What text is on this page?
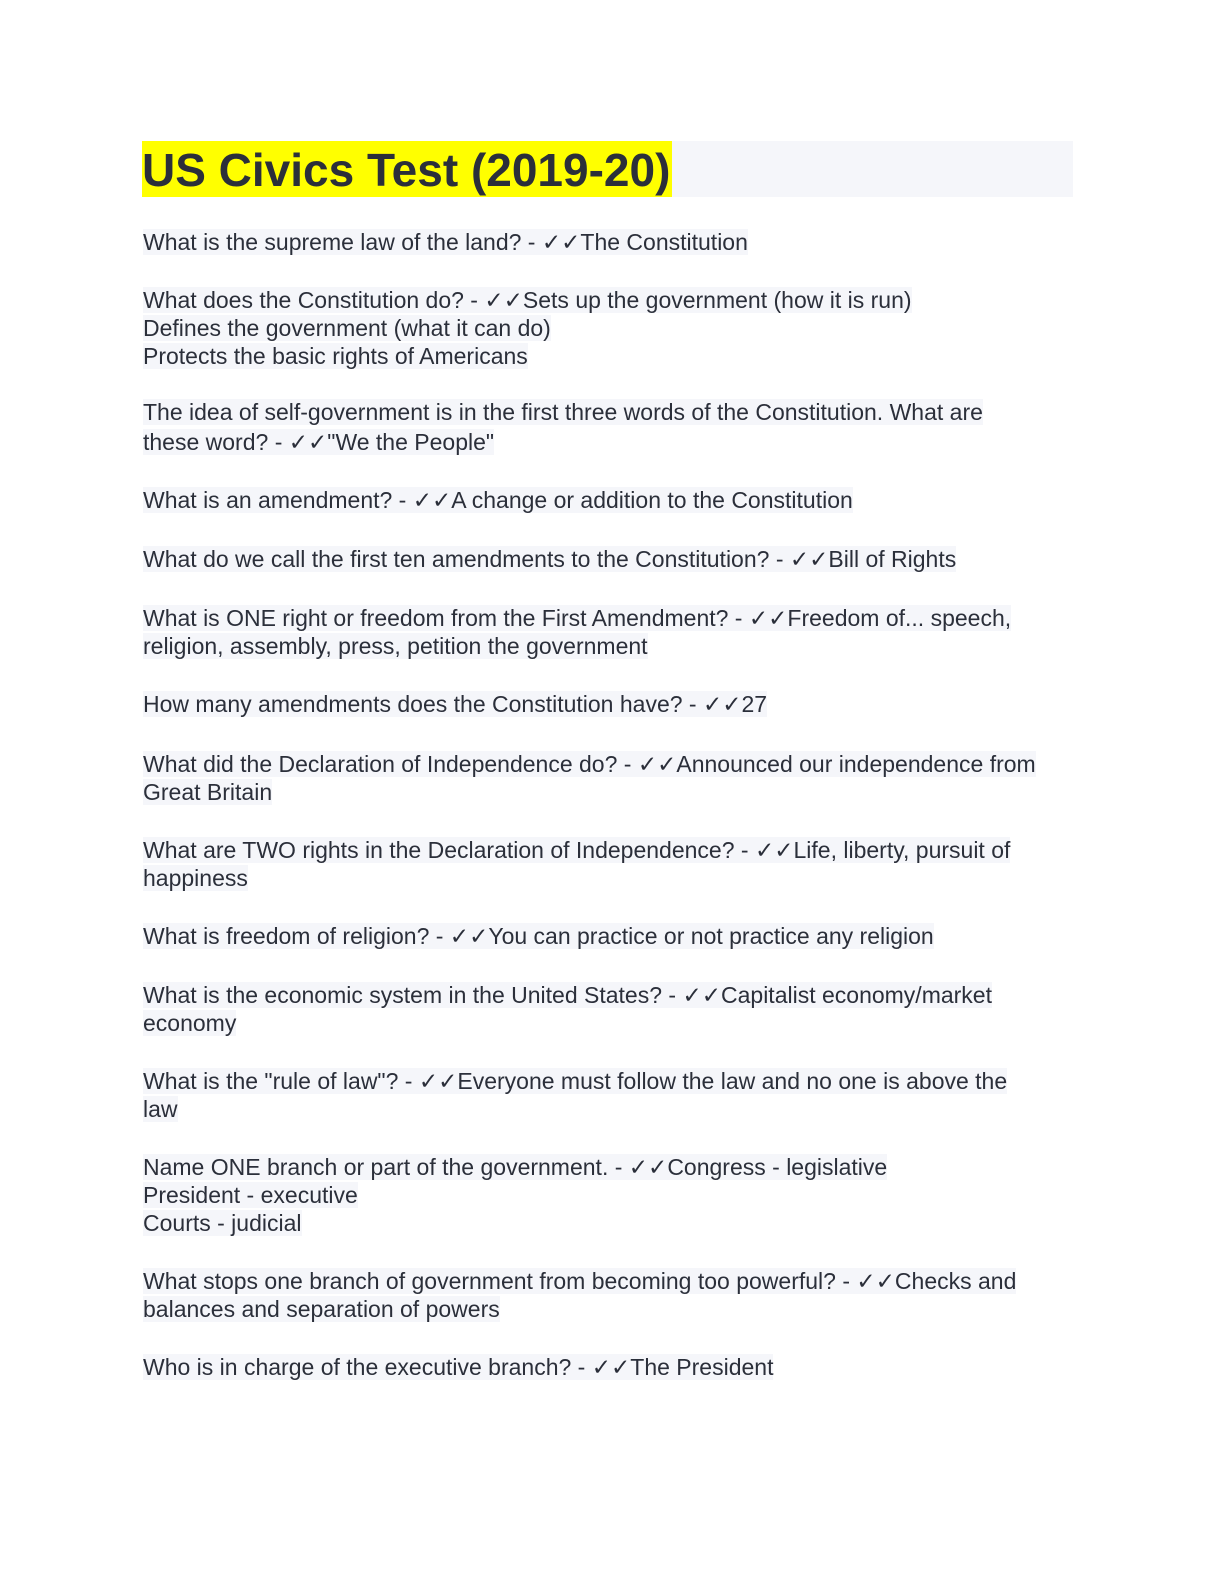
US Civics Test (2019-20)
What is the supreme law of the land? - ✓✓The Constitution
What does the Constitution do? - ✓✓Sets up the government (how it is run)
Defines the government (what it can do)
Protects the basic rights of Americans
The idea of self-government is in the first three words of the Constitution. What are
these word? - ✓✓"We the People"
What is an amendment? - ✓✓A change or addition to the Constitution
What do we call the first ten amendments to the Constitution? - ✓✓Bill of Rights
What is ONE right or freedom from the First Amendment? - ✓✓Freedom of... speech,
religion, assembly, press, petition the government
How many amendments does the Constitution have? - ✓✓27
What did the Declaration of Independence do? - ✓✓Announced our independence from
Great Britain
What are TWO rights in the Declaration of Independence? - ✓✓Life, liberty, pursuit of
happiness
What is freedom of religion? - ✓✓You can practice or not practice any religion
What is the economic system in the United States? - ✓✓Capitalist economy/market
economy
What is the "rule of law"? - ✓✓Everyone must follow the law and no one is above the
law
Name ONE branch or part of the government. - ✓✓Congress - legislative
President - executive
Courts - judicial
What stops one branch of government from becoming too powerful? - ✓✓Checks and
balances and separation of powers
Who is in charge of the executive branch? - ✓✓The President
